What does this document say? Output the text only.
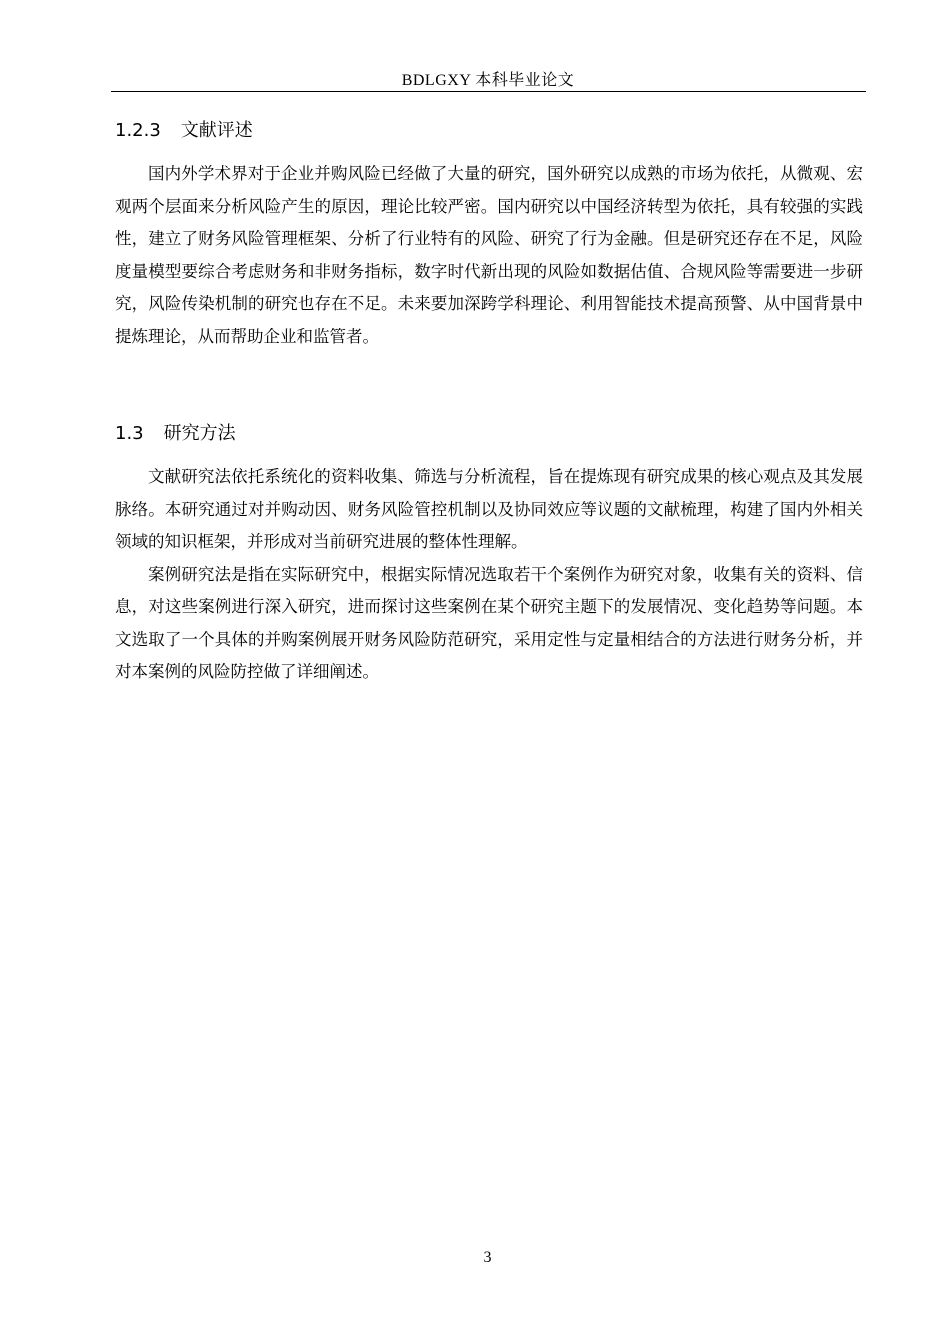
BDLGXY 本科毕业论文
1.2.3 文献评述

国内外学术界对于企业并购风险已经做了大量的研究，国外研究以成熟的市场为依托，从微观、宏观两个层面来分析风险产生的原因，理论比较严密。国内研究以中国经济转型为依托，具有较强的实践性，建立了财务风险管理框架、分析了行业特有的风险、研究了行为金融。但是研究还存在不足，风险度量模型要综合考虑财务和非财务指标，数字时代新出现的风险如数据估值、合规风险等需要进一步研究，风险传染机制的研究也存在不足。未来要加深跨学科理论、利用智能技术提高预警、从中国背景中提炼理论，从而帮助企业和监管者。

1.3 研究方法

文献研究法依托系统化的资料收集、筛选与分析流程，旨在提炼现有研究成果的核心观点及其发展脉络。本研究通过对并购动因、财务风险管控机制以及协同效应等议题的文献梳理，构建了国内外相关领域的知识框架，并形成对当前研究进展的整体性理解。

案例研究法是指在实际研究中，根据实际情况选取若干个案例作为研究对象，收集有关的资料、信息，对这些案例进行深入研究，进而探讨这些案例在某个研究主题下的发展情况、变化趋势等问题。本文选取了一个具体的并购案例展开财务风险防范研究，采用定性与定量相结合的方法进行财务分析，并对本案例的风险防控做了详细阐述。

3
